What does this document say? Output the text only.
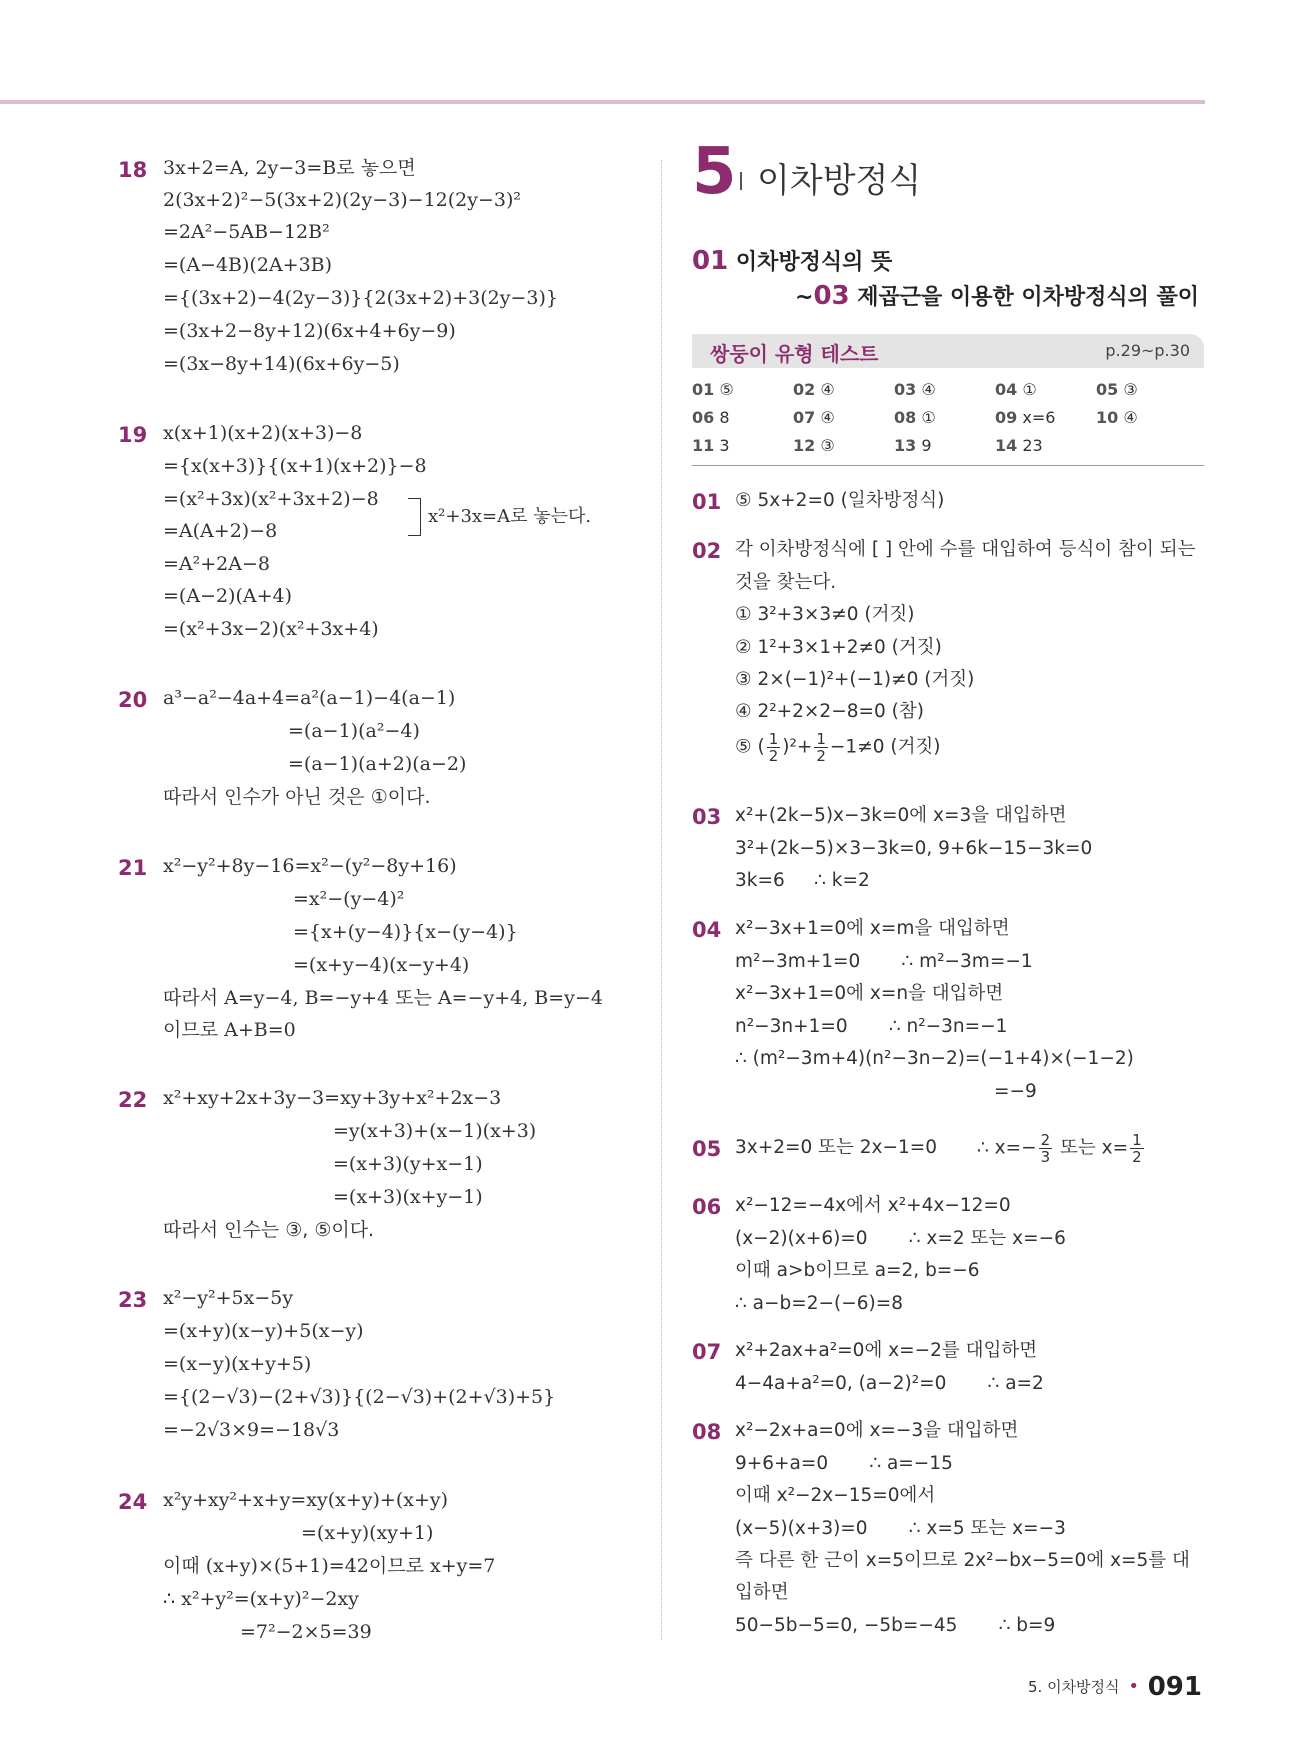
18 3x+2=A, 2y−3=B로 놓으면
2(3x+2)²−5(3x+2)(2y−3)−12(2y−3)²
=2A²−5AB−12B²
=(A−4B)(2A+3B)
={(3x+2)−4(2y−3)}{2(3x+2)+3(2y−3)}
=(3x+2−8y+12)(6x+4+6y−9)
=(3x−8y+14)(6x+6y−5)
19 x(x+1)(x+2)(x+3)−8
={x(x+3)}{(x+1)(x+2)}−8
=(x²+3x)(x²+3x+2)−8
=A(A+2)−8
=A²+2A−8
=(A−2)(A+4)
=(x²+3x−2)(x²+3x+4)
x²+3x=A로 놓는다.
20 a³−a²−4a+4=a²(a−1)−4(a−1)
=(a−1)(a²−4)
=(a−1)(a+2)(a−2)
따라서 인수가 아닌 것은 ①이다.
21 x²−y²+8y−16=x²−(y²−8y+16)
=x²−(y−4)²
={x+(y−4)}{x−(y−4)}
=(x+y−4)(x−y+4)
따라서 A=y−4, B=−y+4 또는 A=−y+4, B=y−4
이므로 A+B=0
22 x²+xy+2x+3y−3=xy+3y+x²+2x−3
=y(x+3)+(x−1)(x+3)
=(x+3)(y+x−1)
=(x+3)(x+y−1)
따라서 인수는 ③, ⑤이다.
23 x²−y²+5x−5y
=(x+y)(x−y)+5(x−y)
=(x−y)(x+y+5)
={(2−√3)−(2+√3)}{(2−√3)+(2+√3)+5}
=−2√3×9=−18√3
24 x²y+xy²+x+y=xy(x+y)+(x+y)
=(x+y)(xy+1)
이때 (x+y)×(5+1)=42이므로 x+y=7
∴ x²+y²=(x+y)²−2xy
=7²−2×5=39
5 이차방정식
01 이차방정식의 뜻
~03 제곱근을 이용한 이차방정식의 풀이
쌍둥이 유형 테스트	p.29~p.30
01 ⑤	02 ④	03 ④	04 ①	05 ③
06 8	07 ④	08 ①	09 x=6	10 ④
11 3	12 ③	13 9	14 23
01 ⑤ 5x+2=0 (일차방정식)
02 각 이차방정식에 [ ] 안에 수를 대입하여 등식이 참이 되는
것을 찾는다.
① 3²+3×3≠0 (거짓)
② 1²+3×1+2≠0 (거짓)
③ 2×(−1)²+(−1)≠0 (거짓)
④ 2²+2×2−8=0 (참)
⑤ ( $\frac{1}{2} )^2+ \frac{1}{2} -1\ne 0$ (거짓)
03 x²+(2k−5)x−3k=0에 x=3을 대입하면
3²+(2k−5)×3−3k=0, 9+6k−15−3k=0
3k=6     ∴ k=2
04 x²−3x+1=0에 x=m을 대입하면
m²−3m+1=0       ∴ m²−3m=−1
x²−3x+1=0에 x=n을 대입하면
n²−3n+1=0       ∴ n²−3n=−1
∴ (m²−3m+4)(n²−3n−2)=(−1+4)×(−1−2)
=−9
05 3x+2=0 또는 2x−1=0 ∴ $x=- \frac{2}{3}$ 또는 $x= \frac{1}{2}$
06 x²−12=−4x에서 x²+4x−12=0
(x−2)(x+6)=0       ∴ x=2 또는 x=−6
이때 a>b이므로 a=2, b=−6
∴ a−b=2−(−6)=8
07 x²+2ax+a²=0에 x=−2를 대입하면
4−4a+a²=0, (a−2)²=0       ∴ a=2
08 x²−2x+a=0에 x=−3을 대입하면
9+6+a=0       ∴ a=−15
이때 x²−2x−15=0에서
(x−5)(x+3)=0       ∴ x=5 또는 x=−3
즉 다른 한 근이 x=5이므로 2x²−bx−5=0에 x=5를 대
입하면
50−5b−5=0, −5b=−45       ∴ b=9
5. 이차방정식 • 091
